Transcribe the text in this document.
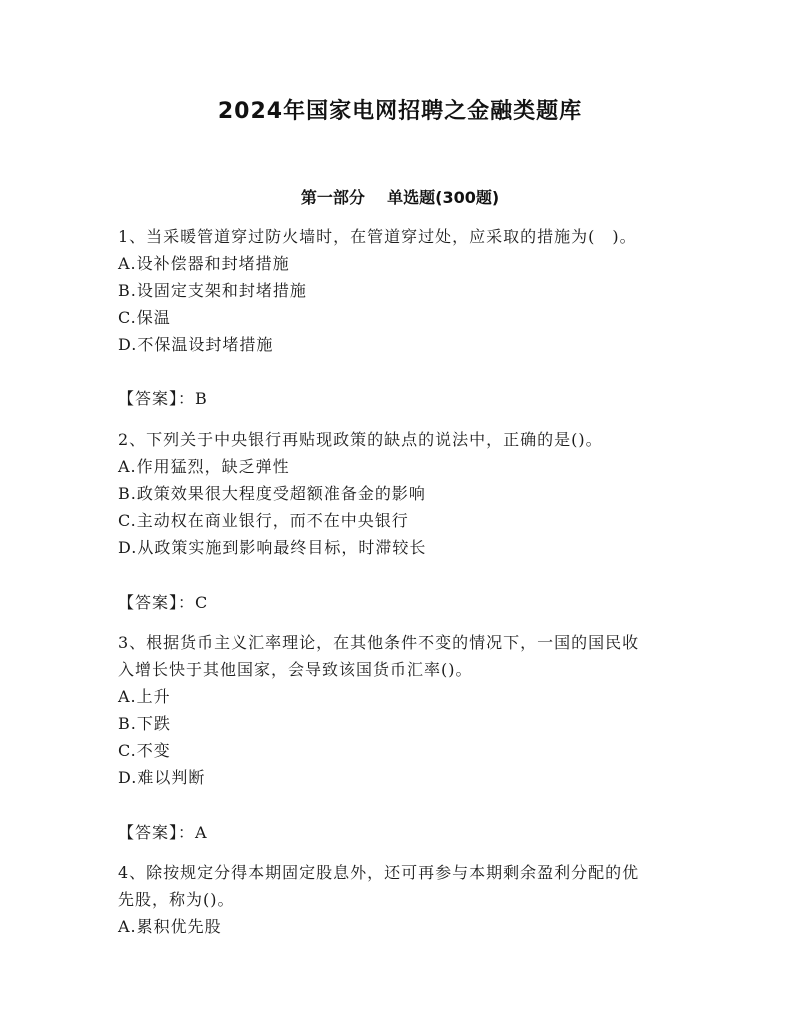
2024年国家电网招聘之金融类题库
第一部分    单选题(300题)
1、当采暖管道穿过防火墙时，在管道穿过处，应采取的措施为(　)。
A.设补偿器和封堵措施
B.设固定支架和封堵措施
C.保温
D.不保温设封堵措施
【答案】：B
2、下列关于中央银行再贴现政策的缺点的说法中，正确的是()。
A.作用猛烈，缺乏弹性
B.政策效果很大程度受超额准备金的影响
C.主动权在商业银行，而不在中央银行
D.从政策实施到影响最终目标，时滞较长
【答案】：C
3、根据货币主义汇率理论，在其他条件不变的情况下，一国的国民收
入增长快于其他国家，会导致该国货币汇率()。
A.上升
B.下跌
C.不变
D.难以判断
【答案】：A
4、除按规定分得本期固定股息外，还可再参与本期剩余盈利分配的优
先股，称为()。
A.累积优先股
